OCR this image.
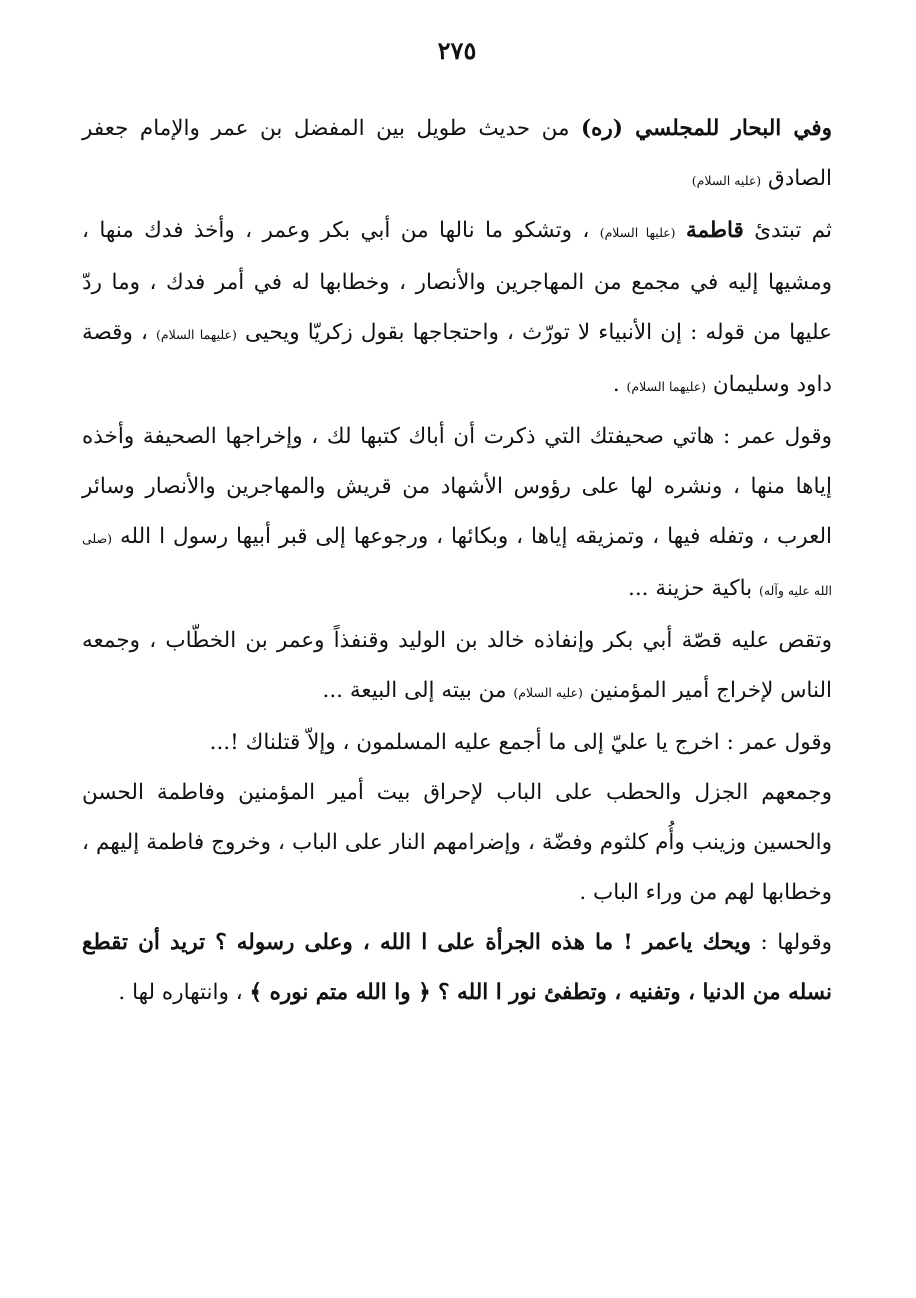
٢٧٥

وفي البحار للمجلسي (ره) من حديث طويل بين المفضل بن عمر والإمام جعفر الصادق (عليه السلام)

ثم تبتدئ قاطمة (عليها السلام) ، وتشكو ما نالها من أبي بكر وعمر ، وأخذ فدك منها ، ومشيها إليه في مجمع من المهاجرين والأنصار ، وخطابها له في أمر فدك ، وما ردّ عليها من قوله : إن الأنبياء لا تورّث ، واحتجاجها بقول زكريّا ويحيى (عليهما السلام) ، وقصة داود وسليمان (عليهما السلام) .

وقول عمر : هاتي صحيفتك التي ذكرت أن أباك كتبها لك ، وإخراجها الصحيفة وأخذه إياها منها ، ونشره لها على رؤوس الأشهاد من قريش والمهاجرين والأنصار وسائر العرب ، وتفله فيها ، وتمزيقه إياها ، وبكائها ، ورجوعها إلى قبر أبيها رسول ا الله (صلى الله عليه وآله) باكية حزينة ...

وتقص عليه قصّة أبي بكر وإنفاذه خالد بن الوليد وقنفذاً وعمر بن الخطّاب ، وجمعه الناس لإخراج أمير المؤمنين (عليه السلام) من بيته إلى البيعة ...

وقول عمر : اخرج يا عليّ إلى ما أجمع عليه المسلمون ، وإلاّ قتلناك !...

وجمعهم الجزل والحطب على الباب لإحراق بيت أمير المؤمنين وفاطمة الحسن والحسين وزينب وأُم كلثوم وفضّة ، وإضرامهم النار على الباب ، وخروج فاطمة إليهم ، وخطابها لهم من وراء الباب .

وقولها : ويحك ياعمر ! ما هذه الجرأة على ا الله ، وعلى رسوله ؟ تريد أن تقطع نسله من الدنيا ، وتفنيه ، وتطفئ نور ا الله ؟ ﴿ وا الله متم نوره ﴾ ، وانتهاره لها .
